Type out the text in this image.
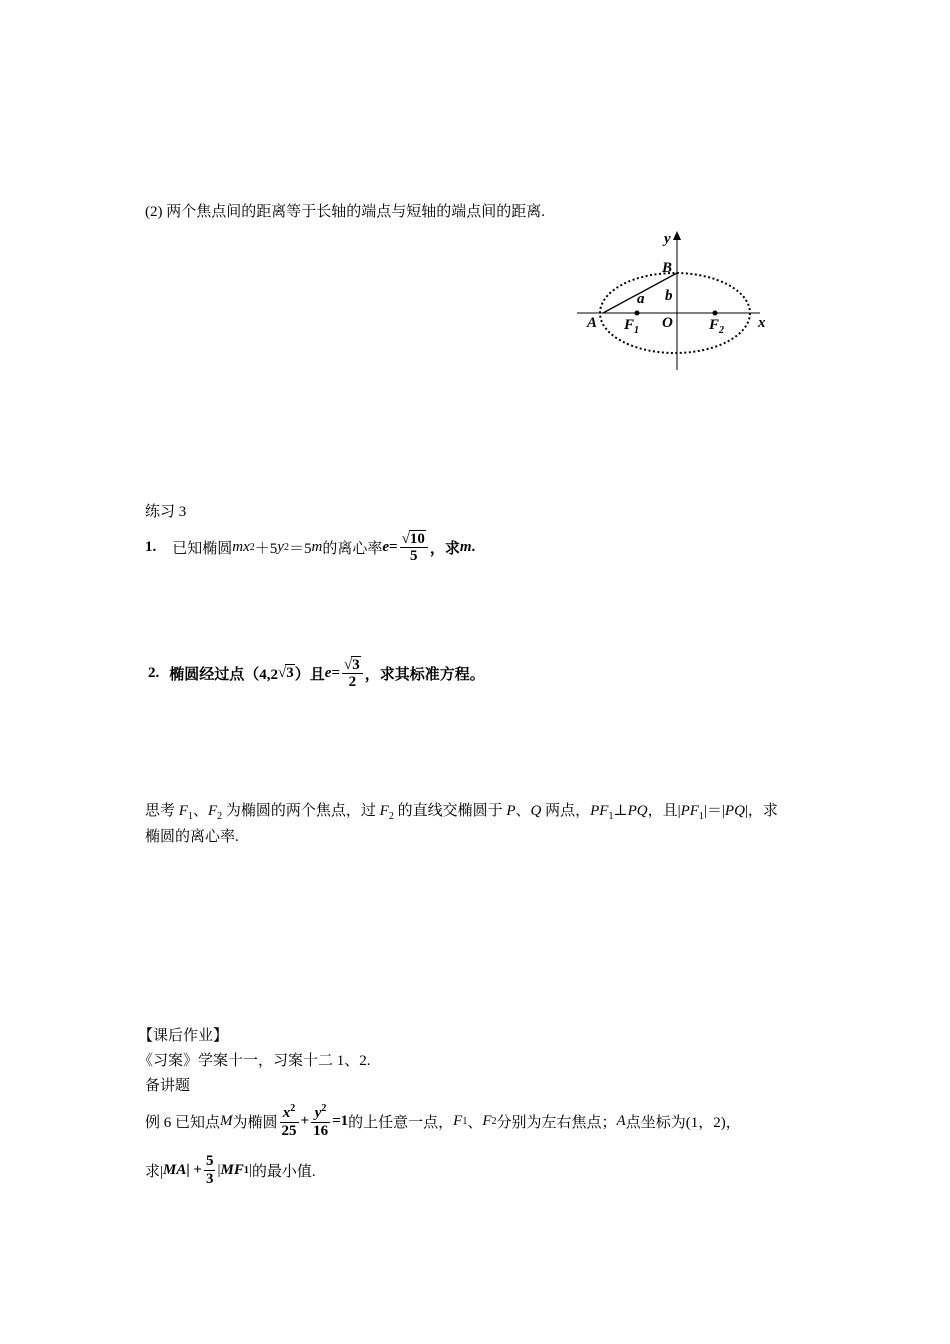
(2) 两个焦点间的距离等于长轴的端点与短轴的端点间的距离.
y
B
a b
A $F_1$ O $F_2$ x
练习 3
1. 已知椭圆 m x 2 ＋5 y 2 ＝5 m 的离心率 $e = \frac{√10}{5}$ ，求 m .
2. 椭圆经过点（4,2 √3 ）且 $e = \frac{√3}{2}$ ，求其标准方程。
思考 $F_1$、$F_2$ 为椭圆的两个焦点，过 $F_2$ 的直线交椭圆于 P、Q 两点，$PF_1\perp PQ$，且$|PF_1|=|PQ|$，求
椭圆的离心率.
【课后作业】
《习案》学案十一，习案十二 1、2.
备讲题
例 6 已知点 M 为椭圆 $\frac{x^2}{25} + \frac{y^2}{16} =1$ 的上任意一点， F 1 、 F 2 分别为左右焦点； A 点坐标为(1，2)，
求| MA | + $\frac{5}{3}$ | MF 1 | 的最小值.
